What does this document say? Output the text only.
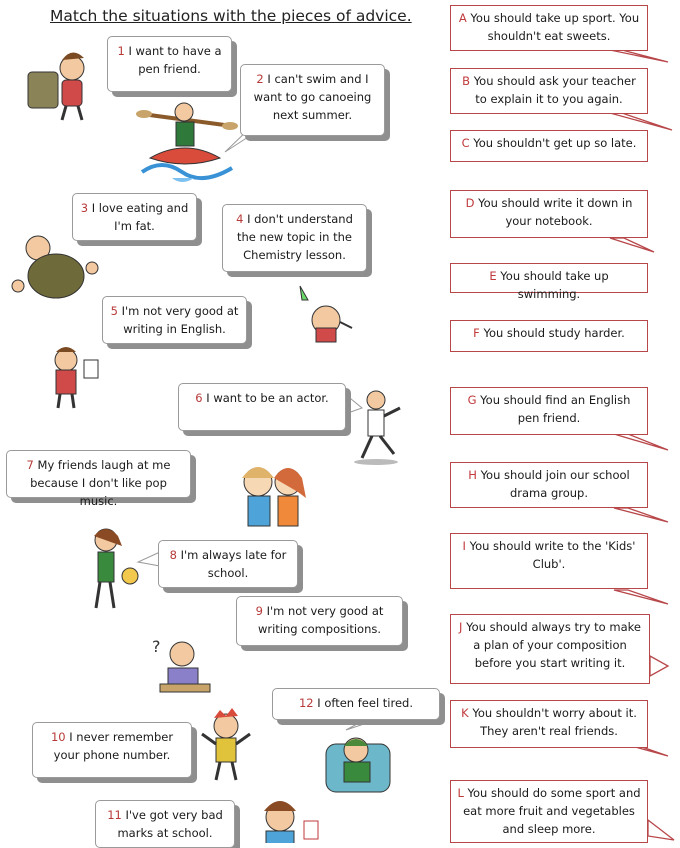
Match the situations with the pieces of advice.
1 I want to have a pen friend.
2 I can't swim and I want to go canoeing next summer.
3 I love eating and I'm fat.	4 I don't understand the new topic in the Chemistry lesson.
5 I'm not very good at writing in English.
6 I want to be an actor.
7 My friends laugh at me because I don't like pop music.
8 I'm always late for school.
9 I'm not very good at writing compositions.
10 I never remember your phone number.
11 I've got very bad marks at school.
12 I often feel tired.
A You should take up sport. You shouldn't eat sweets.
B You should ask your teacher to explain it to you again.
C You shouldn't get up so late.
D You should write it down in your notebook.
E You should take up swimming.
F You should study harder.
G You should find an English pen friend.
H You should join our school drama group.
I You should write to the 'Kids' Club'.
J You should always try to make a plan of your composition before you start writing it.
K You shouldn't worry about it. They aren't real friends.
L You should do some sport and eat more fruit and vegetables and sleep more.
?
